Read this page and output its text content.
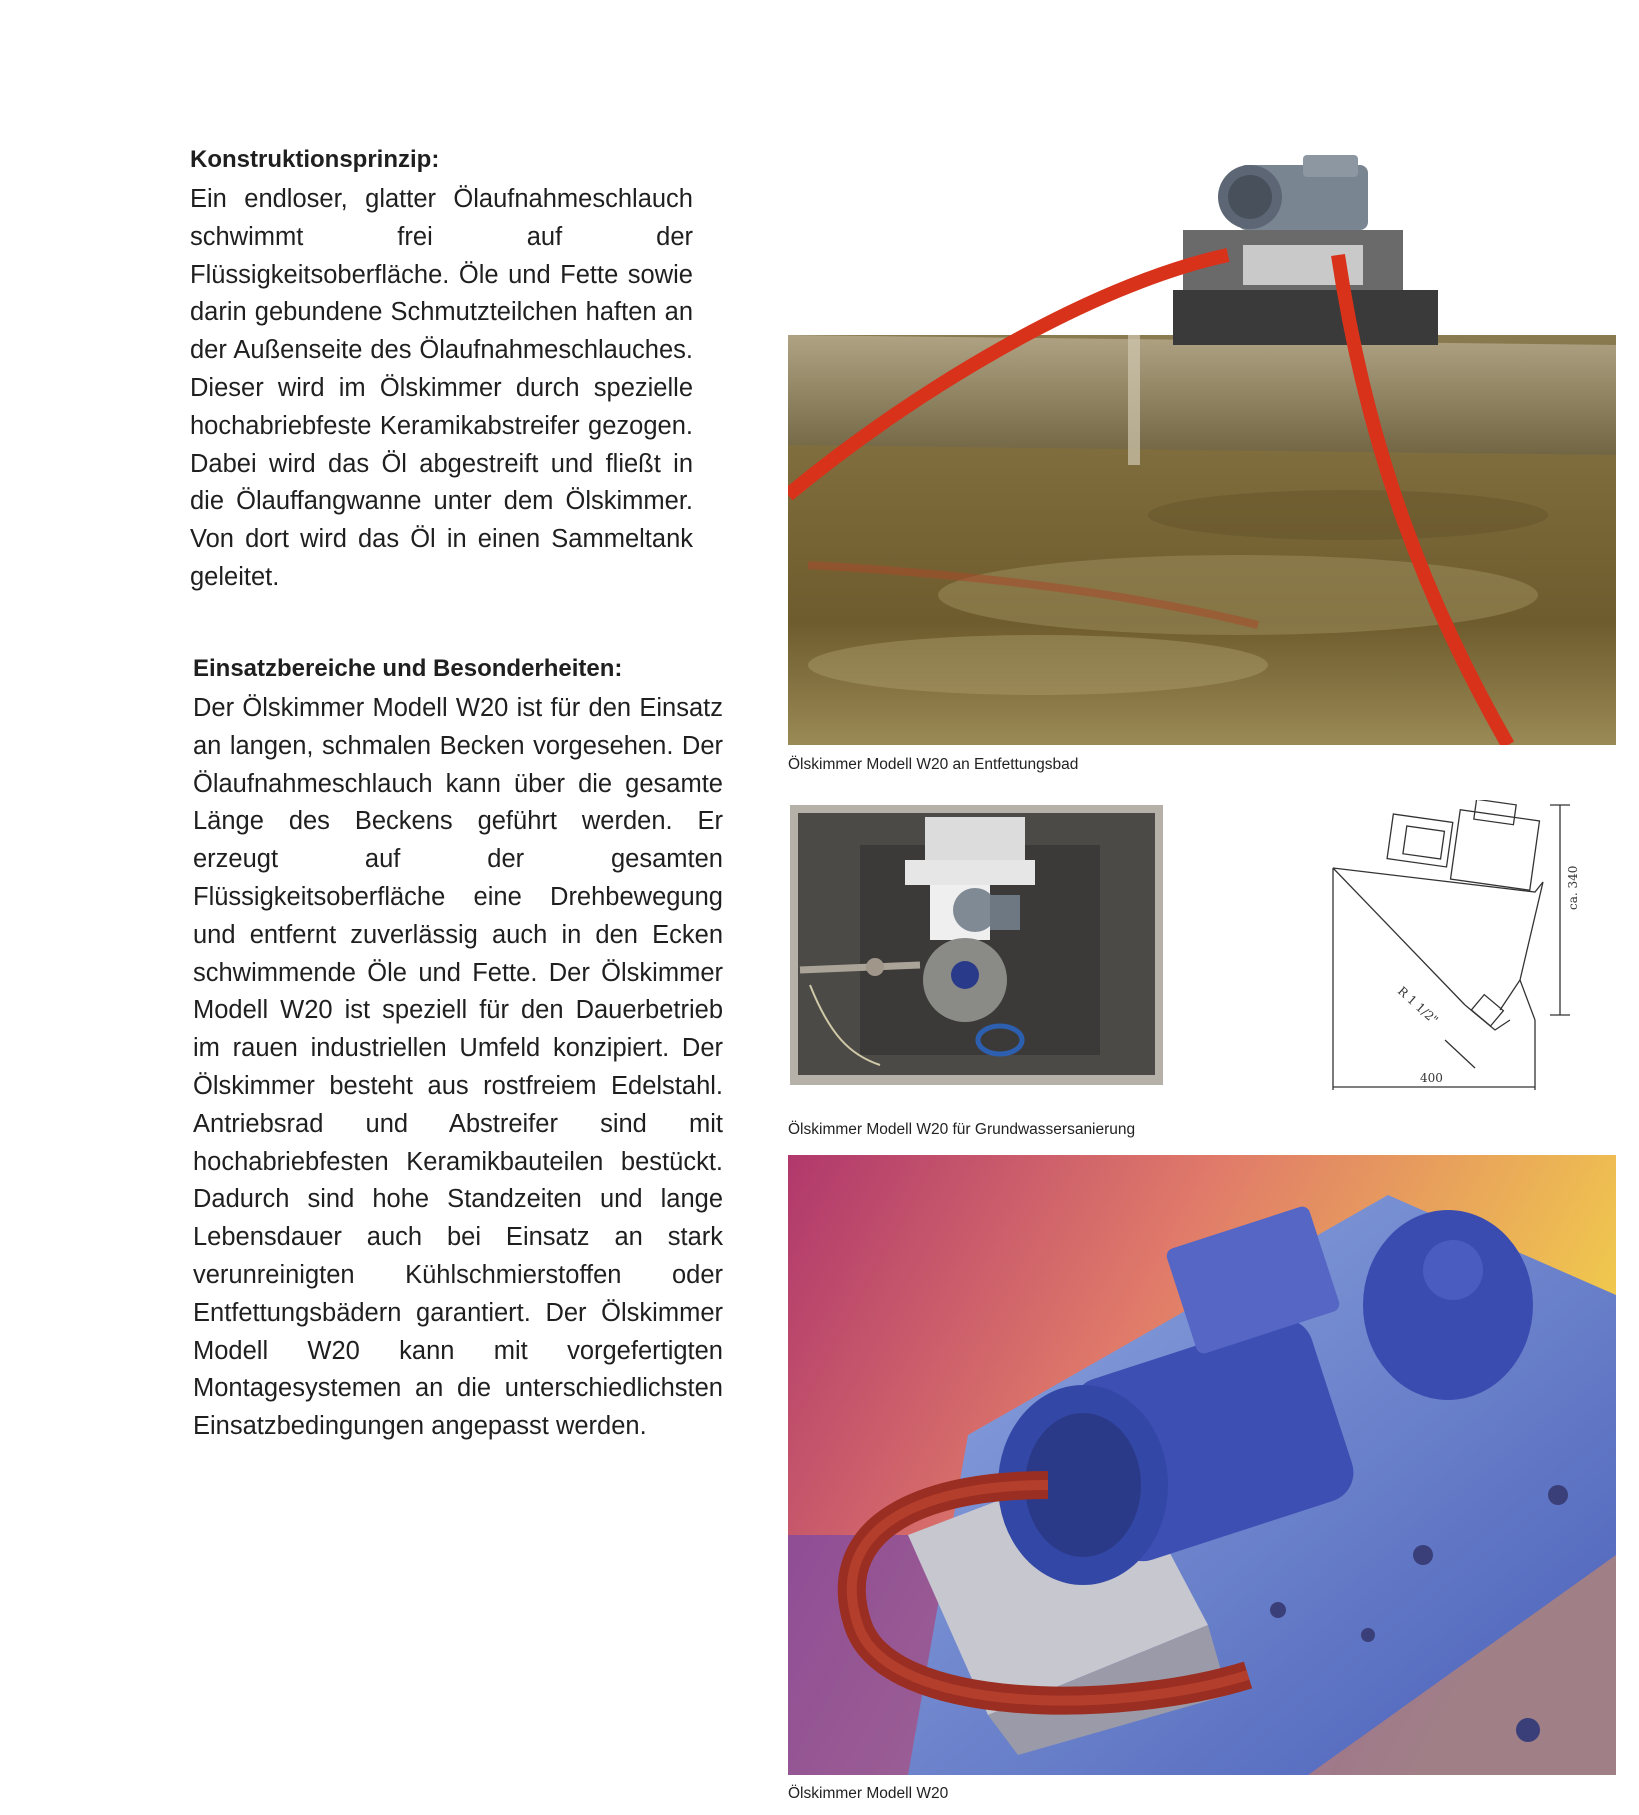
Konstruktionsprinzip:

Ein endloser, glatter Ölaufnahmeschlauch schwimmt frei auf der Flüssigkeitsoberfläche. Öle und Fette sowie darin gebundene Schmutzteilchen haften an der Außenseite des Ölaufnahmeschlauches. Dieser wird im Ölskimmer durch spezielle hochabriebfeste Keramikabstreifer gezogen. Dabei wird das Öl abgestreift und fließt in die Ölauffangwanne unter dem Ölskimmer. Von dort wird das Öl in einen Sammeltank geleitet.

Einsatzbereiche und Besonderheiten:

Der Ölskimmer Modell W20 ist für den Einsatz an langen, schmalen Becken vorgesehen. Der Ölaufnahmeschlauch kann über die gesamte Länge des Beckens geführt werden. Er erzeugt auf der gesamten Flüssigkeitsoberfläche eine Drehbewegung und entfernt zuverlässig auch in den Ecken schwimmende Öle und Fette. Der Ölskimmer Modell W20 ist speziell für den Dauerbetrieb im rauen industriellen Umfeld konzipiert. Der Ölskimmer besteht aus rostfreiem Edelstahl. Antriebsrad und Abstreifer sind mit hochabriebfesten Keramikbauteilen bestückt. Dadurch sind hohe Standzeiten und lange Lebensdauer auch bei Einsatz an stark verunreinigten Kühlschmierstoffen oder Entfettungsbädern garantiert. Der Ölskimmer Modell W20 kann mit vorgefertigten Montagesystemen an die unterschiedlichsten Einsatzbedingungen angepasst werden.

Ölskimmer Modell W20 an Entfettungsbad

Ölskimmer Modell W20 für Grundwassersanierung

ca. 340
400
R 1 1/2"

Ölskimmer Modell W20
